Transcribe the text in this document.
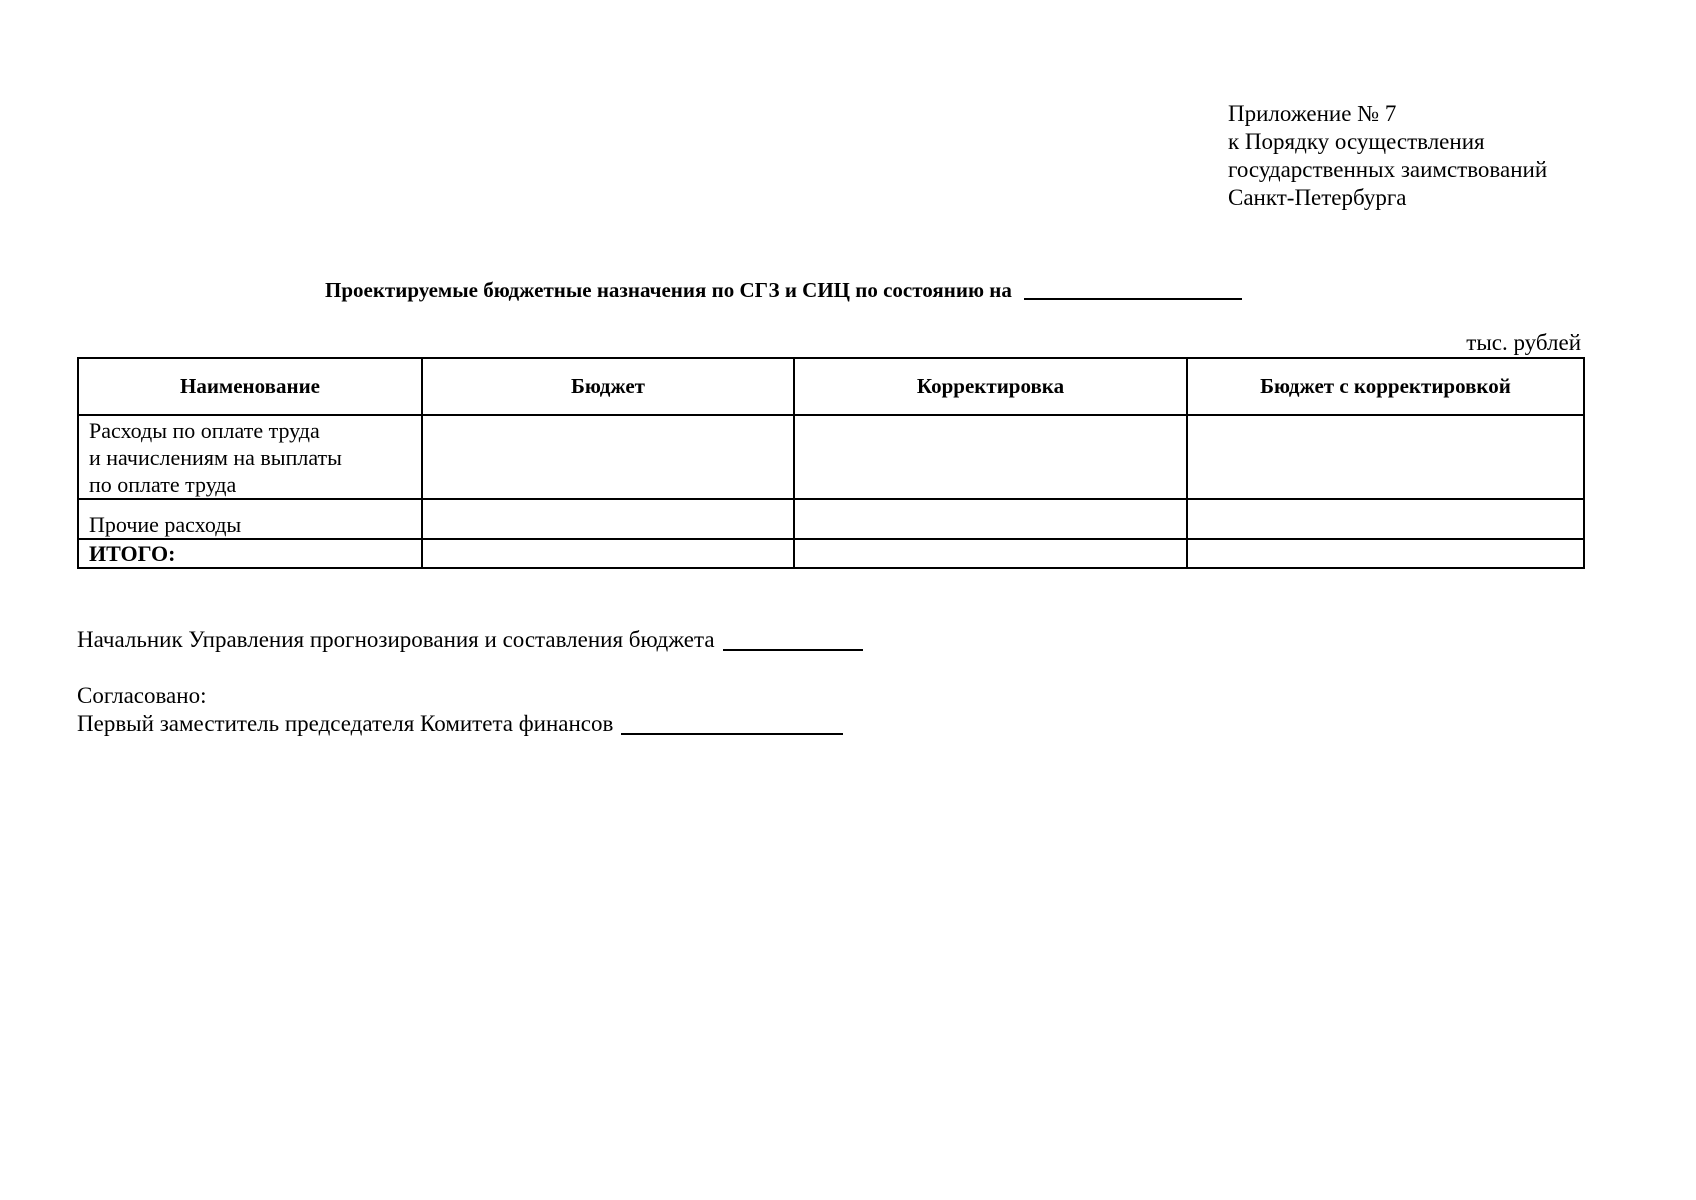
Приложение № 7
к Порядку осуществления
государственных заимствований
Санкт-Петербурга
Проектируемые бюджетные назначения по СГЗ и СИЦ по состоянию на
тыс. рублей
Наименование	Бюджет	Корректировка	Бюджет с корректировкой

Расходы по оплате труда
и начислениям на выплаты
по оплате труда			

Прочие расходы			

ИТОГО:			

Начальник Управления прогнозирования и составления бюджета
Согласовано:
Первый заместитель председателя Комитета финансов
